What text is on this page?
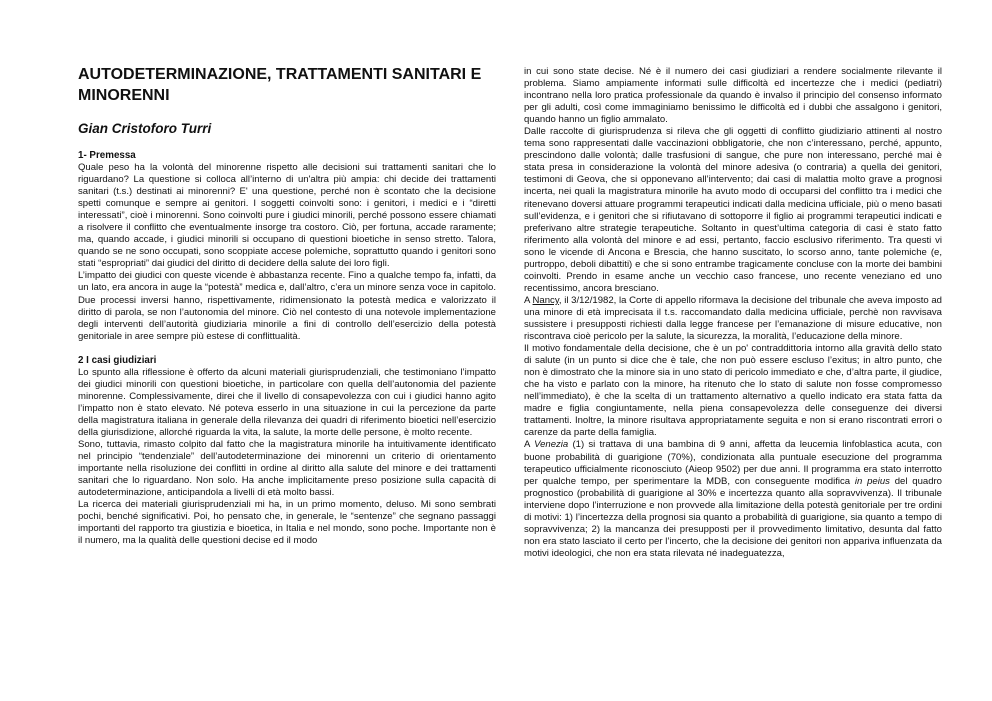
AUTODETERMINAZIONE, TRATTAMENTI SANITARI E MINORENNI
Gian Cristoforo Turri
1- Premessa

Quale peso ha la volontà del minorenne rispetto alle decisioni sui trattamenti sanitari che lo riguardano? La questione si colloca all’interno di un'altra più ampia: chi decide dei trattamenti sanitari (t.s.) destinati ai minorenni? E' una questione, perché non è scontato che la decisione spetti comunque e sempre ai genitori. I soggetti coinvolti sono: i genitori, i medici e i “diretti interessati”, cioè i minorenni. Sono coinvolti pure i giudici minorili, perché possono essere chiamati a risolvere il conflitto che eventualmente insorge tra costoro. Ciò, per fortuna, accade raramente; ma, quando accade, i giudici minorili si occupano di questioni bioetiche in senso stretto. Talora, quando se ne sono occupati, sono scoppiate accese polemiche, soprattutto quando i genitori sono stati “espropriati” dai giudici del diritto di decidere della salute dei loro figli.

L’impatto dei giudici con queste vicende è abbastanza recente. Fino a qualche tempo fa, infatti, da un lato, era ancora in auge la “potestà” medica e, dall’altro, c’era un minore senza voce in capitolo. Due processi inversi hanno, rispettivamente, ridimensionato la potestà medica e valorizzato il diritto di parola, se non l’autonomia del minore. Ciò nel contesto di una notevole implementazione degli interventi dell’autorità giudiziaria minorile a fini di controllo dell’esercizio della potestà genitoriale in aree sempre più estese di conflittualità.

2 I casi giudiziari

Lo spunto alla riflessione è offerto da alcuni materiali giurisprudenziali, che testimoniano l’impatto dei giudici minorili con questioni bioetiche, in particolare con quella dell’autonomia del paziente minorenne. Complessivamente, direi che il livello di consapevolezza con cui i giudici hanno agito l’impatto non è stato elevato. Né poteva esserlo in una situazione in cui la percezione da parte della magistratura italiana in generale della rilevanza dei quadri di riferimento bioetici nell’esercizio della giurisdizione, allorché riguarda la vita, la salute, la morte delle persone, è molto recente.

Sono, tuttavia, rimasto colpito dal fatto che la magistratura minorile ha intuitivamente identificato nel principio “tendenziale” dell’autodeterminazione dei minorenni un criterio di orientamento importante nella risoluzione dei conflitti in ordine al diritto alla salute del minore e dei trattamenti sanitari che lo riguardano. Non solo. Ha anche implicitamente preso posizione sulla capacità di autodeterminazione, anticipandola a livelli di età molto bassi.

La ricerca dei materiali giurisprudenziali mi ha, in un primo momento, deluso. Mi sono sembrati pochi, benché significativi. Poi, ho pensato che, in generale, le “sentenze” che segnano passaggi importanti del rapporto tra giustizia e bioetica, in Italia e nel mondo, sono poche. Importante non è il numero, ma la qualità delle questioni decise ed il modo

in cui sono state decise. Né è il numero dei casi giudiziari a rendere socialmente rilevante il problema. Siamo ampiamente informati sulle difficoltà ed incertezze che i medici (pediatri) incontrano nella loro pratica professionale da quando è invalso il principio del consenso informato per gli adulti, così come immaginiamo benissimo le difficoltà ed i dubbi che assalgono i genitori, quando hanno un figlio ammalato.

Dalle raccolte di giurisprudenza si rileva che gli oggetti di conflitto giudiziario attinenti al nostro tema sono rappresentati dalle vaccinazioni obbligatorie, che non c’interessano, perché, appunto, prescindono dalle volontà; dalle trasfusioni di sangue, che pure non interessano, perché mai è stata presa in considerazione la volontà del minore adesiva (o contraria) a quella dei genitori, testimoni di Geova, che si opponevano all’intervento; dai casi di malattia molto grave a prognosi incerta, nei quali la magistratura minorile ha avuto modo di occuparsi del conflitto tra i medici che ritenevano doversi attuare programmi terapeutici indicati dalla medicina ufficiale, più o meno basati sull’evidenza, e i genitori che si rifiutavano di sottoporre il figlio ai programmi terapeutici indicati e preferivano altre strategie terapeutiche. Soltanto in quest’ultima categoria di casi è stato fatto riferimento alla volontà del minore e ad essi, pertanto, faccio esclusivo riferimento. Tra questi vi sono le vicende di Ancona e Brescia, che hanno suscitato, lo scorso anno, tante polemiche (e, purtroppo, deboli dibattiti) e che si sono entrambe tragicamente concluse con la morte dei bambini coinvolti. Prendo in esame anche un vecchio caso francese, uno recente veneziano ed uno recentissimo, ancora bresciano.

A Nancy, il 3/12/1982, la Corte di appello riformava la decisione del tribunale che aveva imposto ad una minore di età imprecisata il t.s. raccomandato dalla medicina ufficiale, perchè non ravvisava sussistere i presupposti richiesti dalla legge francese per l’emanazione di misure educative, non riscontrava cioè pericolo per la salute, la sicurezza, la moralità, l’educazione della minore.

Il motivo fondamentale della decisione, che è un po' contraddittoria intorno alla gravità dello stato di salute (in un punto si dice che è tale, che non può essere escluso l’exitus; in altro punto, che non è dimostrato che la minore sia in uno stato di pericolo immediato e che, d’altra parte, il giudice, che ha visto e parlato con la minore, ha ritenuto che lo stato di salute non fosse compromesso nell’immediato), è che la scelta di un trattamento alternativo a quello indicato era stata fatta da madre e figlia congiuntamente, nella piena consapevolezza delle conseguenze dei diversi trattamenti. Inoltre, la minore risultava appropriatamente seguita e non si erano riscontrati errori o carenze da parte della famiglia.

A Venezia (1) si trattava di una bambina di 9 anni, affetta da leucemia linfoblastica acuta, con buone probabilità di guarigione (70%), condizionata alla puntuale esecuzione del programma terapeutico ufficialmente riconosciuto (Aieop 9502) per due anni. Il programma era stato interrotto per qualche tempo, per sperimentare la MDB, con conseguente modifica in peius del quadro prognostico (probabilità di guarigione al 30% e incertezza quanto alla sopravvivenza). Il tribunale interviene dopo l’interruzione e non provvede alla limitazione della potestà genitoriale per tre ordini di motivi: 1) l’incertezza della prognosi sia quanto a probabilità di guarigione, sia quanto a tempo di sopravvivenza; 2) la mancanza dei presupposti per il provvedimento limitativo, desunta dal fatto non era stato lasciato il certo per l’incerto, che la decisione dei genitori non appariva influenzata da motivi ideologici, che non era stata rilevata né inadeguatezza,
